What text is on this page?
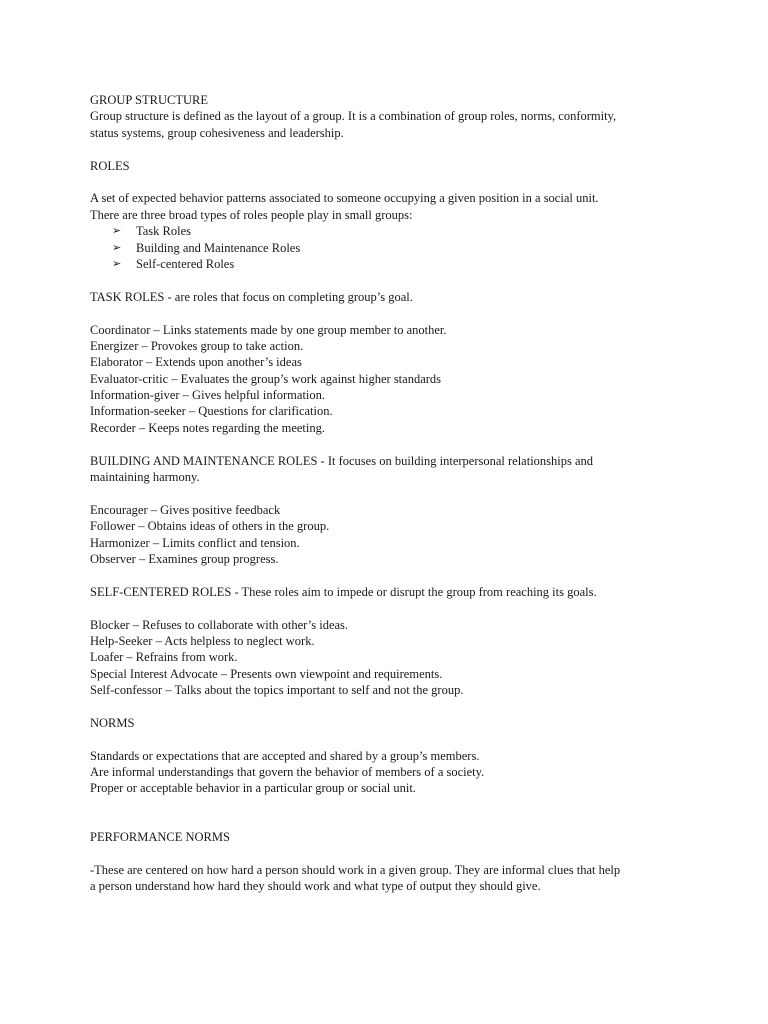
GROUP STRUCTURE
Group structure is defined as the layout of a group. It is a combination of group roles, norms, conformity,
status systems, group cohesiveness and leadership.
ROLES
A set of expected behavior patterns associated to someone occupying a given position in a social unit.
There are three broad types of roles people play in small groups:
➢	Task Roles
➢	Building and Maintenance Roles
➢	Self-centered Roles
TASK ROLES - are roles that focus on completing group’s goal.
Coordinator – Links statements made by one group member to another.
Energizer – Provokes group to take action.
Elaborator – Extends upon another’s ideas
Evaluator-critic – Evaluates the group’s work against higher standards
Information-giver – Gives helpful information.
Information-seeker – Questions for clarification.
Recorder – Keeps notes regarding the meeting.
BUILDING AND MAINTENANCE ROLES - It focuses on building interpersonal relationships and
maintaining harmony.
Encourager – Gives positive feedback
Follower – Obtains ideas of others in the group.
Harmonizer – Limits conflict and tension.
Observer – Examines group progress.
SELF-CENTERED ROLES - These roles aim to impede or disrupt the group from reaching its goals.
Blocker – Refuses to collaborate with other’s ideas.
Help-Seeker – Acts helpless to neglect work.
Loafer – Refrains from work.
Special Interest Advocate – Presents own viewpoint and requirements.
Self-confessor – Talks about the topics important to self and not the group.
NORMS
Standards or expectations that are accepted and shared by a group’s members.
Are informal understandings that govern the behavior of members of a society.
Proper or acceptable behavior in a particular group or social unit.
PERFORMANCE NORMS
-These are centered on how hard a person should work in a given group. They are informal clues that help
a person understand how hard they should work and what type of output they should give.
